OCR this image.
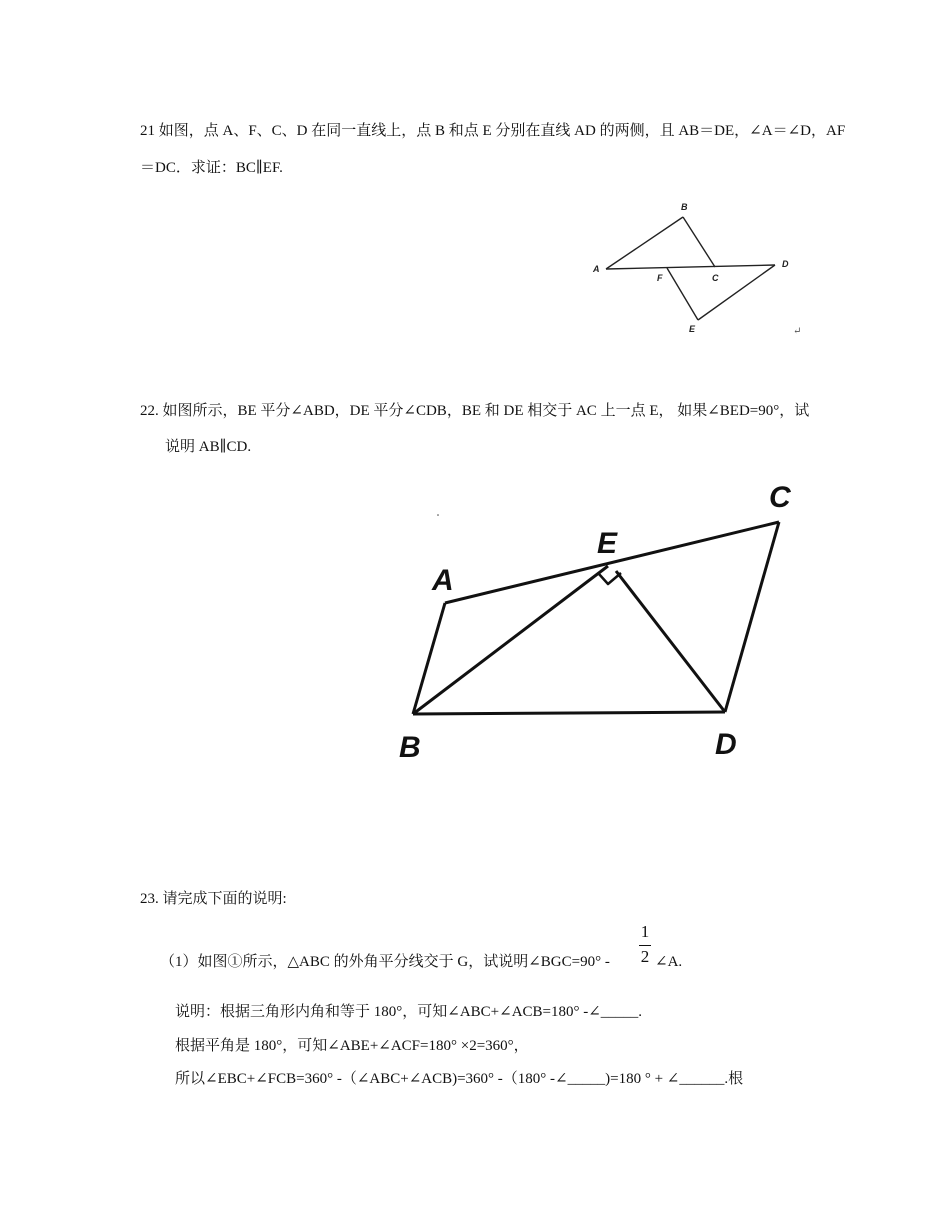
21 如图，点 A、F、C、D 在同一直线上，点 B 和点 E 分别在直线 AD 的两侧，且 AB＝DE，∠A＝∠D，AF
＝DC．求证：BC∥EF.
A
B
C
D
E
F
↵
22. 如图所示，BE 平分∠ABD，DE 平分∠CDB，BE 和 DE 相交于 AC 上一点 E， 如果∠BED=90°，试
说明 AB∥CD.
A
B
C
D
E
23. 请完成下面的说明:
（1）如图①所示，△ABC 的外角平分线交于 G，试说明∠BGC=90° -
1
2 ∠A.
说明：根据三角形内角和等于 180°，可知∠ABC+∠ACB=180° -∠_____.
根据平角是 180°，可知∠ABE+∠ACF=180° ×2=360°，
所以∠EBC+∠FCB=360° -（∠ABC+∠ACB)=360° -（180° -∠_____)=180 ° + ∠______.根
